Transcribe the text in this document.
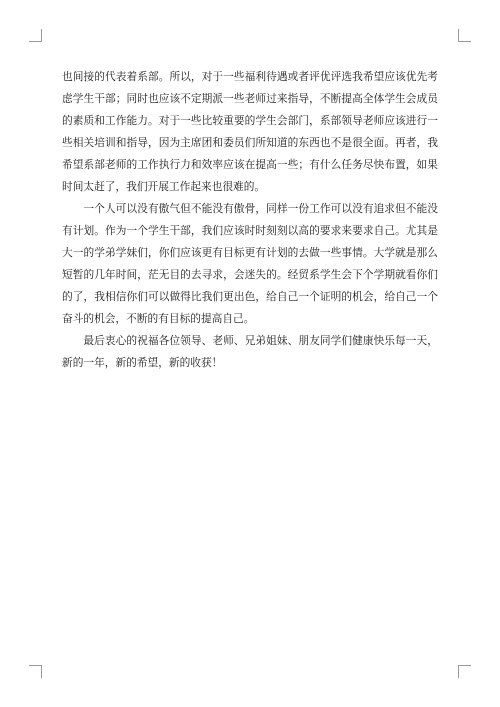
也间接的代表着系部。所以，对于一些福利待遇或者评优评选我希望应该优先考虑学生干部；同时也应该不定期派一些老师过来指导，不断提高全体学生会成员的素质和工作能力。对于一些比较重要的学生会部门，系部领导老师应该进行一些相关培训和指导，因为主席团和委员们所知道的东西也不是很全面。再者，我希望系部老师的工作执行力和效率应该在提高一些；有什么任务尽快布置，如果时间太赶了，我们开展工作起来也很难的。

一个人可以没有傲气但不能没有傲骨，同样一份工作可以没有追求但不能没有计划。作为一个学生干部，我们应该时时刻刻以高的要求来要求自己。尤其是大一的学弟学妹们，你们应该更有目标更有计划的去做一些事情。大学就是那么短暂的几年时间，茫无目的去寻求，会迷失的。经贸系学生会下个学期就看你们的了，我相信你们可以做得比我们更出色，给自己一个证明的机会，给自己一个奋斗的机会，不断的有目标的提高自己。

最后衷心的祝福各位领导、老师、兄弟姐妹、朋友同学们健康快乐每一天，新的一年，新的希望，新的收获！
